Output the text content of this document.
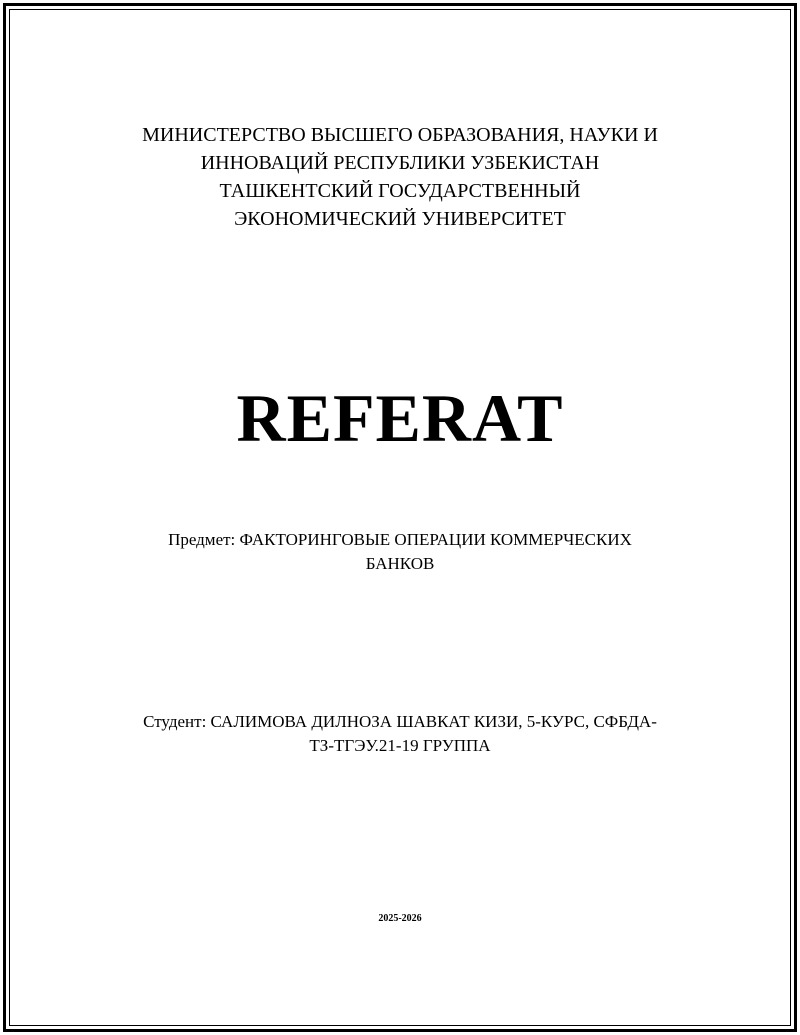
МИНИСТЕРСТВО ВЫСШЕГО ОБРАЗОВАНИЯ, НАУКИ И
ИННОВАЦИЙ РЕСПУБЛИКИ УЗБЕКИСТАН
ТАШКЕНТСКИЙ ГОСУДАРСТВЕННЫЙ
ЭКОНОМИЧЕСКИЙ УНИВЕРСИТЕТ
REFERAT
Предмет: ФАКТОРИНГОВЫЕ ОПЕРАЦИИ КОММЕРЧЕСКИХ
БАНКОВ
Студент: САЛИМОВА ДИЛНОЗА ШАВКАТ КИЗИ, 5-КУРС, СФБДА-
ТЗ-ТГЭУ.21-19 ГРУППА
2025-2026
